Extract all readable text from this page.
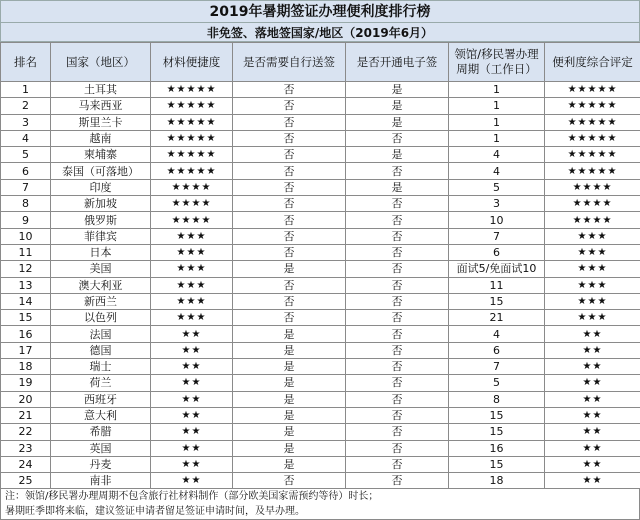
2019年暑期签证办理便利度排行榜
非免签、落地签国家/地区（2019年6月）
排名	国家（地区）	材料便捷度	是否需要自行送签	是否开通电子签	领馆/移民署办理周期（工作日）	便利度综合评定
1	土耳其	★★★★★	否	是	1	★★★★★
2	马来西亚	★★★★★	否	是	1	★★★★★
3	斯里兰卡	★★★★★	否	是	1	★★★★★
4	越南	★★★★★	否	否	1	★★★★★
5	柬埔寨	★★★★★	否	是	4	★★★★★
6	泰国（可落地）	★★★★★	否	否	4	★★★★★
7	印度	★★★★	否	是	5	★★★★
8	新加坡	★★★★	否	否	3	★★★★
9	俄罗斯	★★★★	否	否	10	★★★★
10	菲律宾	★★★	否	否	7	★★★
11	日本	★★★	否	否	6	★★★
12	美国	★★★	是	否	面试5/免面试10	★★★
13	澳大利亚	★★★	否	否	11	★★★
14	新西兰	★★★	否	否	15	★★★
15	以色列	★★★	否	否	21	★★★
16	法国	★★	是	否	4	★★
17	德国	★★	是	否	6	★★
18	瑞士	★★	是	否	7	★★
19	荷兰	★★	是	否	5	★★
20	西班牙	★★	是	否	8	★★
21	意大利	★★	是	否	15	★★
22	希腊	★★	是	否	15	★★
23	英国	★★	是	否	16	★★
24	丹麦	★★	是	否	15	★★
25	南非	★★	否	否	18	★★
注：领馆/移民署办理周期不包含旅行社材料制作（部分欧美国家需预约等待）时长；
暑期旺季即将来临，建议签证申请者留足签证申请时间，及早办理。
